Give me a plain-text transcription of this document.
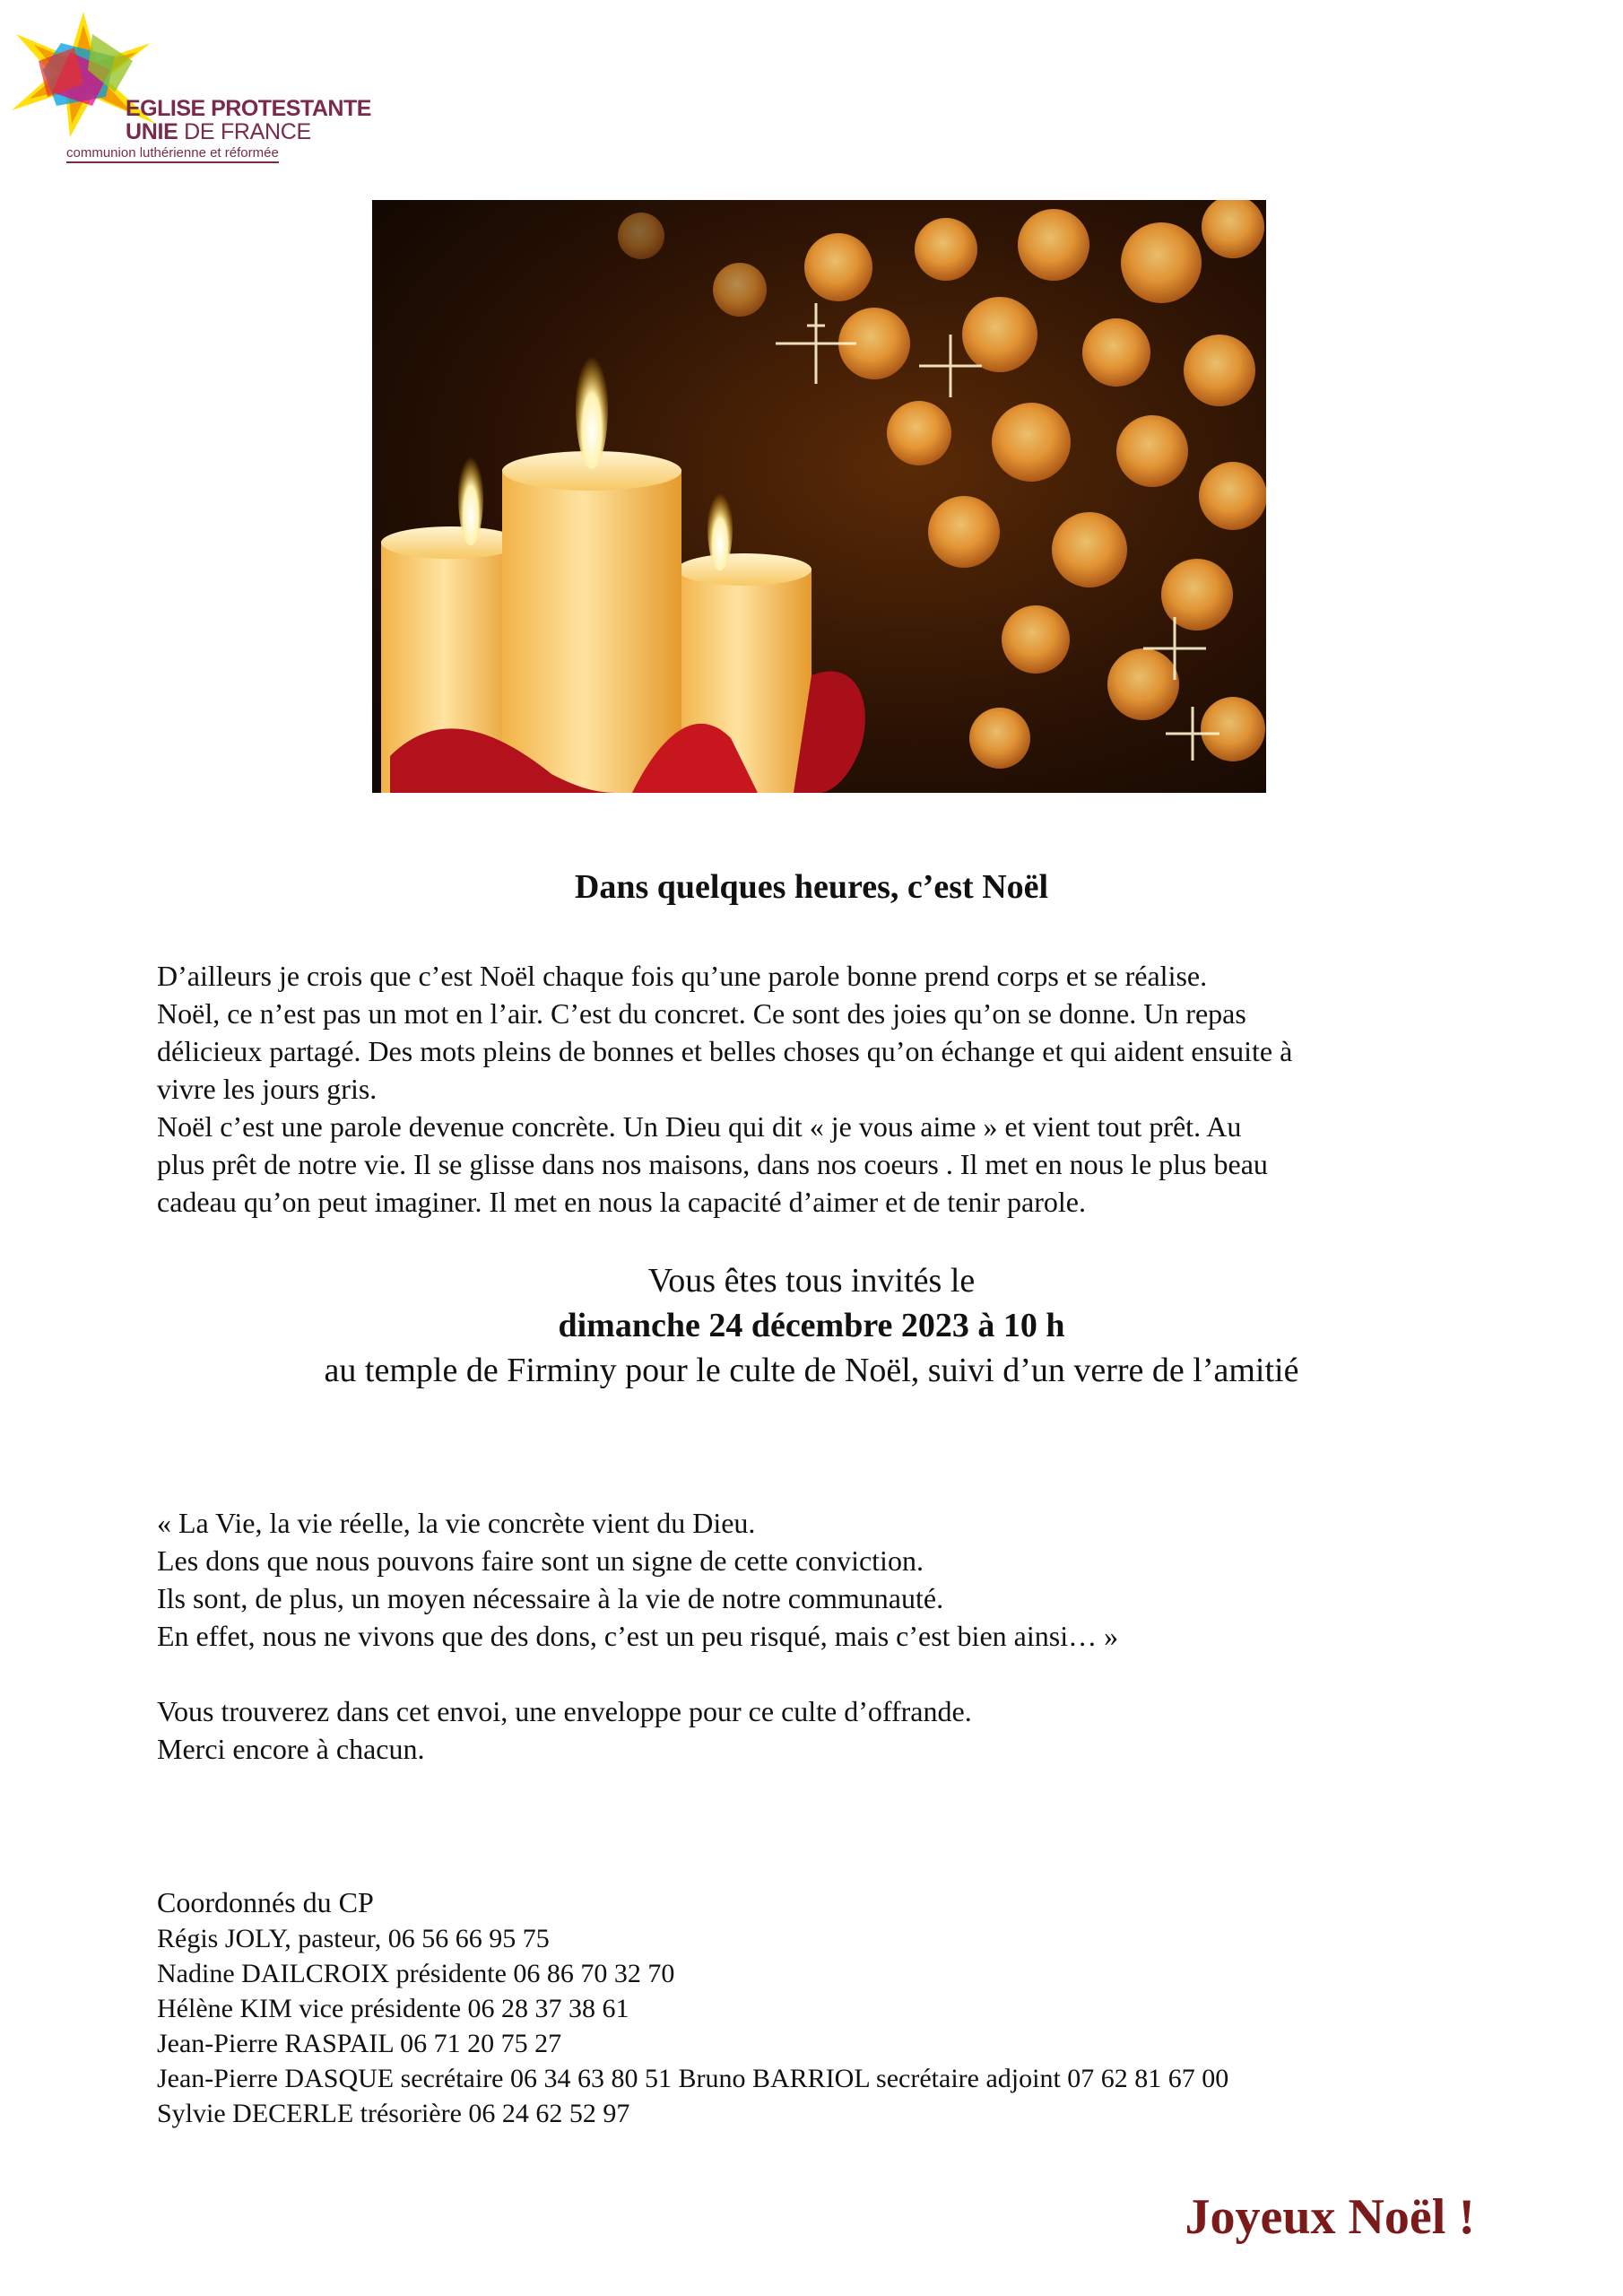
EGLISE PROTESTANTE
UNIE DE FRANCE
communion luthérienne et réformée
Dans quelques heures, c’est Noël

D’ailleurs je crois que c’est Noël chaque fois qu’une parole bonne prend corps et se réalise.

Noël, ce n’est pas un mot en l’air. C’est du concret. Ce sont des joies qu’on se donne. Un repas

délicieux partagé. Des mots pleins de bonnes et belles choses qu’on échange et qui aident ensuite à

vivre les jours gris.

Noël c’est une parole devenue concrète. Un Dieu qui dit « je vous aime » et vient tout prêt. Au

plus prêt de notre vie. Il se glisse dans nos maisons, dans nos coeurs . Il met en nous le plus beau

cadeau qu’on peut imaginer. Il met en nous la capacité d’aimer et de tenir parole.

Vous êtes tous invités le
dimanche 24 décembre 2023 à 10 h
au temple de Firminy pour le culte de Noël, suivi d’un verre de l’amitié

« La Vie, la vie réelle, la vie concrète vient du Dieu.

Les dons que nous pouvons faire sont un signe de cette conviction.

Ils sont, de plus, un moyen nécessaire à la vie de notre communauté.

En effet, nous ne vivons que des dons, c’est un peu risqué, mais c’est bien ainsi… »

Vous trouverez dans cet envoi, une enveloppe pour ce culte d’offrande.

Merci encore à chacun.

Coordonnés du CP
Régis JOLY, pasteur, 06 56 66 95 75
Nadine DAILCROIX présidente 06 86 70 32 70
Hélène KIM vice présidente 06 28 37 38 61
Jean-Pierre RASPAIL 06 71 20 75 27
Jean-Pierre DASQUE secrétaire 06 34 63 80 51 Bruno BARRIOL secrétaire adjoint 07 62 81 67 00
Sylvie DECERLE trésorière 06 24 62 52 97
Joyeux Noël !
